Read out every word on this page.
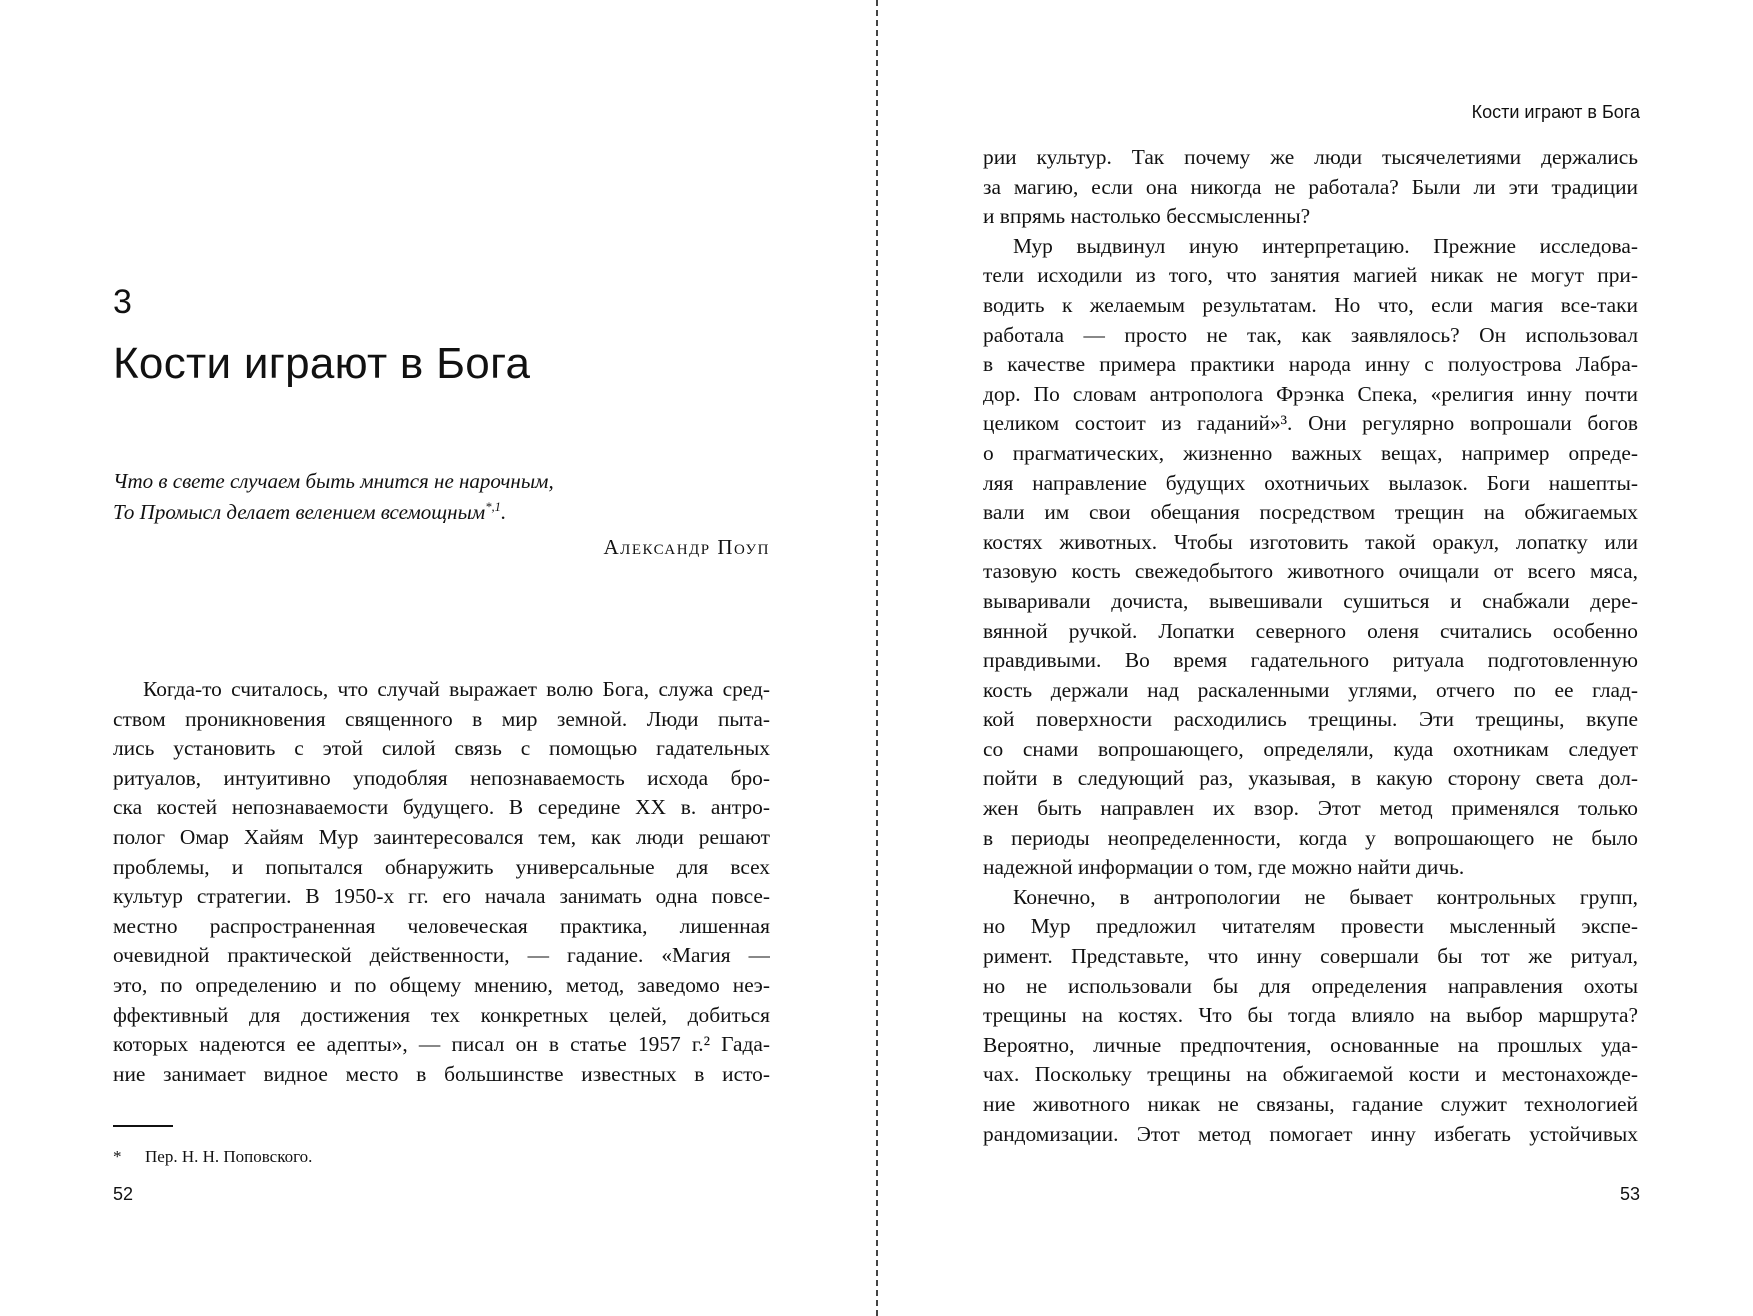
3
Кости играют в Бога
Что в свете случаем быть мнится не нарочным,
То Промысл делает велением всемощным$^{*,1}$.
Александр Поуп
Когда-то считалось, что случай выражает волю Бога, служа сред-
ством проникновения священного в мир земной. Люди пыта-
лись установить с этой силой связь с помощью гадательных
ритуалов, интуитивно уподобляя непознаваемость исхода бро-
ска костей непознаваемости будущего. В середине XX в. антро-
полог Омар Хайям Мур заинтересовался тем, как люди решают
проблемы, и попытался обнаружить универсальные для всех
культур стратегии. В 1950-х гг. его начала занимать одна повсе-
местно распространенная человеческая практика, лишенная
очевидной практической действенности, — гадание. «Магия —
это, по определению и по общему мнению, метод, заведомо неэ-
ффективный для достижения тех конкретных целей, добиться
которых надеются ее адепты», — писал он в статье 1957 г.² Гада-
ние занимает видное место в большинстве известных в исто-
* Пер. Н. Н. Поповского.
52
Кости играют в Бога
рии культур. Так почему же люди тысячелетиями держались
за магию, если она никогда не работала? Были ли эти традиции
и впрямь настолько бессмысленны?
Мур выдвинул иную интерпретацию. Прежние исследова-
тели исходили из того, что занятия магией никак не могут при-
водить к желаемым результатам. Но что, если магия все-таки
работала — просто не так, как заявлялось? Он использовал
в качестве примера практики народа инну с полуострова Лабра-
дор. По словам антрополога Фрэнка Спека, «религия инну почти
целиком состоит из гаданий»³. Они регулярно вопрошали богов
о прагматических, жизненно важных вещах, например опреде-
ляя направление будущих охотничьих вылазок. Боги нашепты-
вали им свои обещания посредством трещин на обжигаемых
костях животных. Чтобы изготовить такой оракул, лопатку или
тазовую кость свежедобытого животного очищали от всего мяса,
вываривали дочиста, вывешивали сушиться и снабжали дере-
вянной ручкой. Лопатки северного оленя считались особенно
правдивыми. Во время гадательного ритуала подготовленную
кость держали над раскаленными углями, отчего по ее глад-
кой поверхности расходились трещины. Эти трещины, вкупе
со снами вопрошающего, определяли, куда охотникам следует
пойти в следующий раз, указывая, в какую сторону света дол-
жен быть направлен их взор. Этот метод применялся только
в периоды неопределенности, когда у вопрошающего не было
надежной информации о том, где можно найти дичь.
Конечно, в антропологии не бывает контрольных групп,
но Мур предложил читателям провести мысленный экспе-
римент. Представьте, что инну совершали бы тот же ритуал,
но не использовали бы для определения направления охоты
трещины на костях. Что бы тогда влияло на выбор маршрута?
Вероятно, личные предпочтения, основанные на прошлых уда-
чах. Поскольку трещины на обжигаемой кости и местонахожде-
ние животного никак не связаны, гадание служит технологией
рандомизации. Этот метод помогает инну избегать устойчивых
53
